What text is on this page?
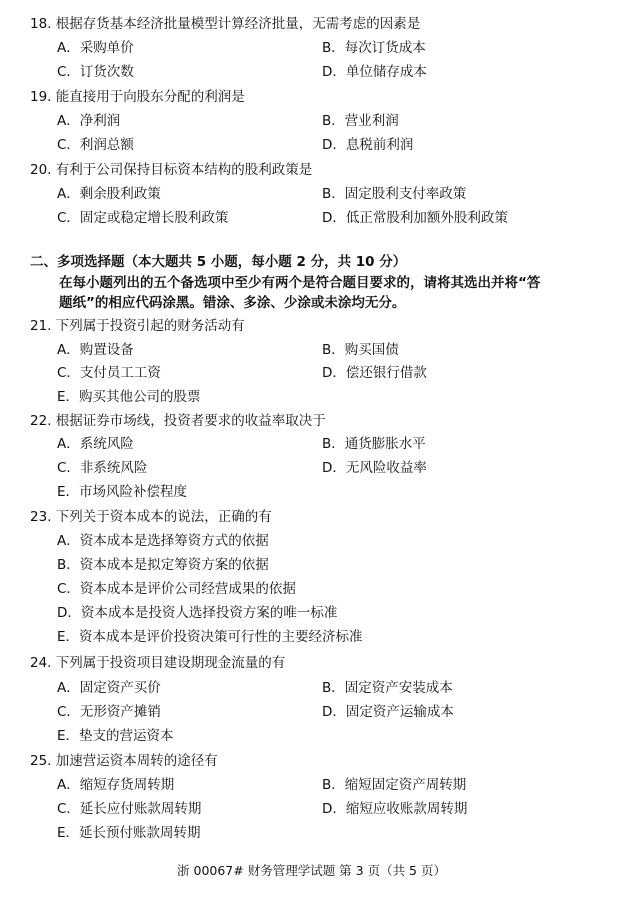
18. 根据存货基本经济批量模型计算经济批量，无需考虑的因素是
A．采购单价	B．每次订货成本
C．订货次数	D．单位储存成本
19. 能直接用于向股东分配的利润是
A．净利润	B．营业利润
C．利润总额	D．息税前利润
20. 有利于公司保持目标资本结构的股利政策是
A．剩余股利政策	B．固定股利支付率政策
C．固定或稳定增长股利政策	D．低正常股利加额外股利政策
二、多项选择题（本大题共 5 小题，每小题 2 分，共 10 分）
在每小题列出的五个备选项中至少有两个是符合题目要求的，请将其选出并将“答
题纸”的相应代码涂黑。错涂、多涂、少涂或未涂均无分。
21. 下列属于投资引起的财务活动有
A．购置设备	B．购买国债
C．支付员工工资	D．偿还银行借款
E．购买其他公司的股票
22. 根据证券市场线，投资者要求的收益率取决于
A．系统风险	B．通货膨胀水平
C．非系统风险	D．无风险收益率
E．市场风险补偿程度
23. 下列关于资本成本的说法，正确的有
A．资本成本是选择筹资方式的依据
B．资本成本是拟定筹资方案的依据
C．资本成本是评价公司经营成果的依据
D．资本成本是投资人选择投资方案的唯一标准
E．资本成本是评价投资决策可行性的主要经济标准
24. 下列属于投资项目建设期现金流量的有
A．固定资产买价	B．固定资产安装成本
C．无形资产摊销	D．固定资产运输成本
E．垫支的营运资本
25. 加速营运资本周转的途径有
A．缩短存货周转期	B．缩短固定资产周转期
C．延长应付账款周转期	D．缩短应收账款周转期
E．延长预付账款周转期
浙 00067# 财务管理学试题 第 3 页（共 5 页）
